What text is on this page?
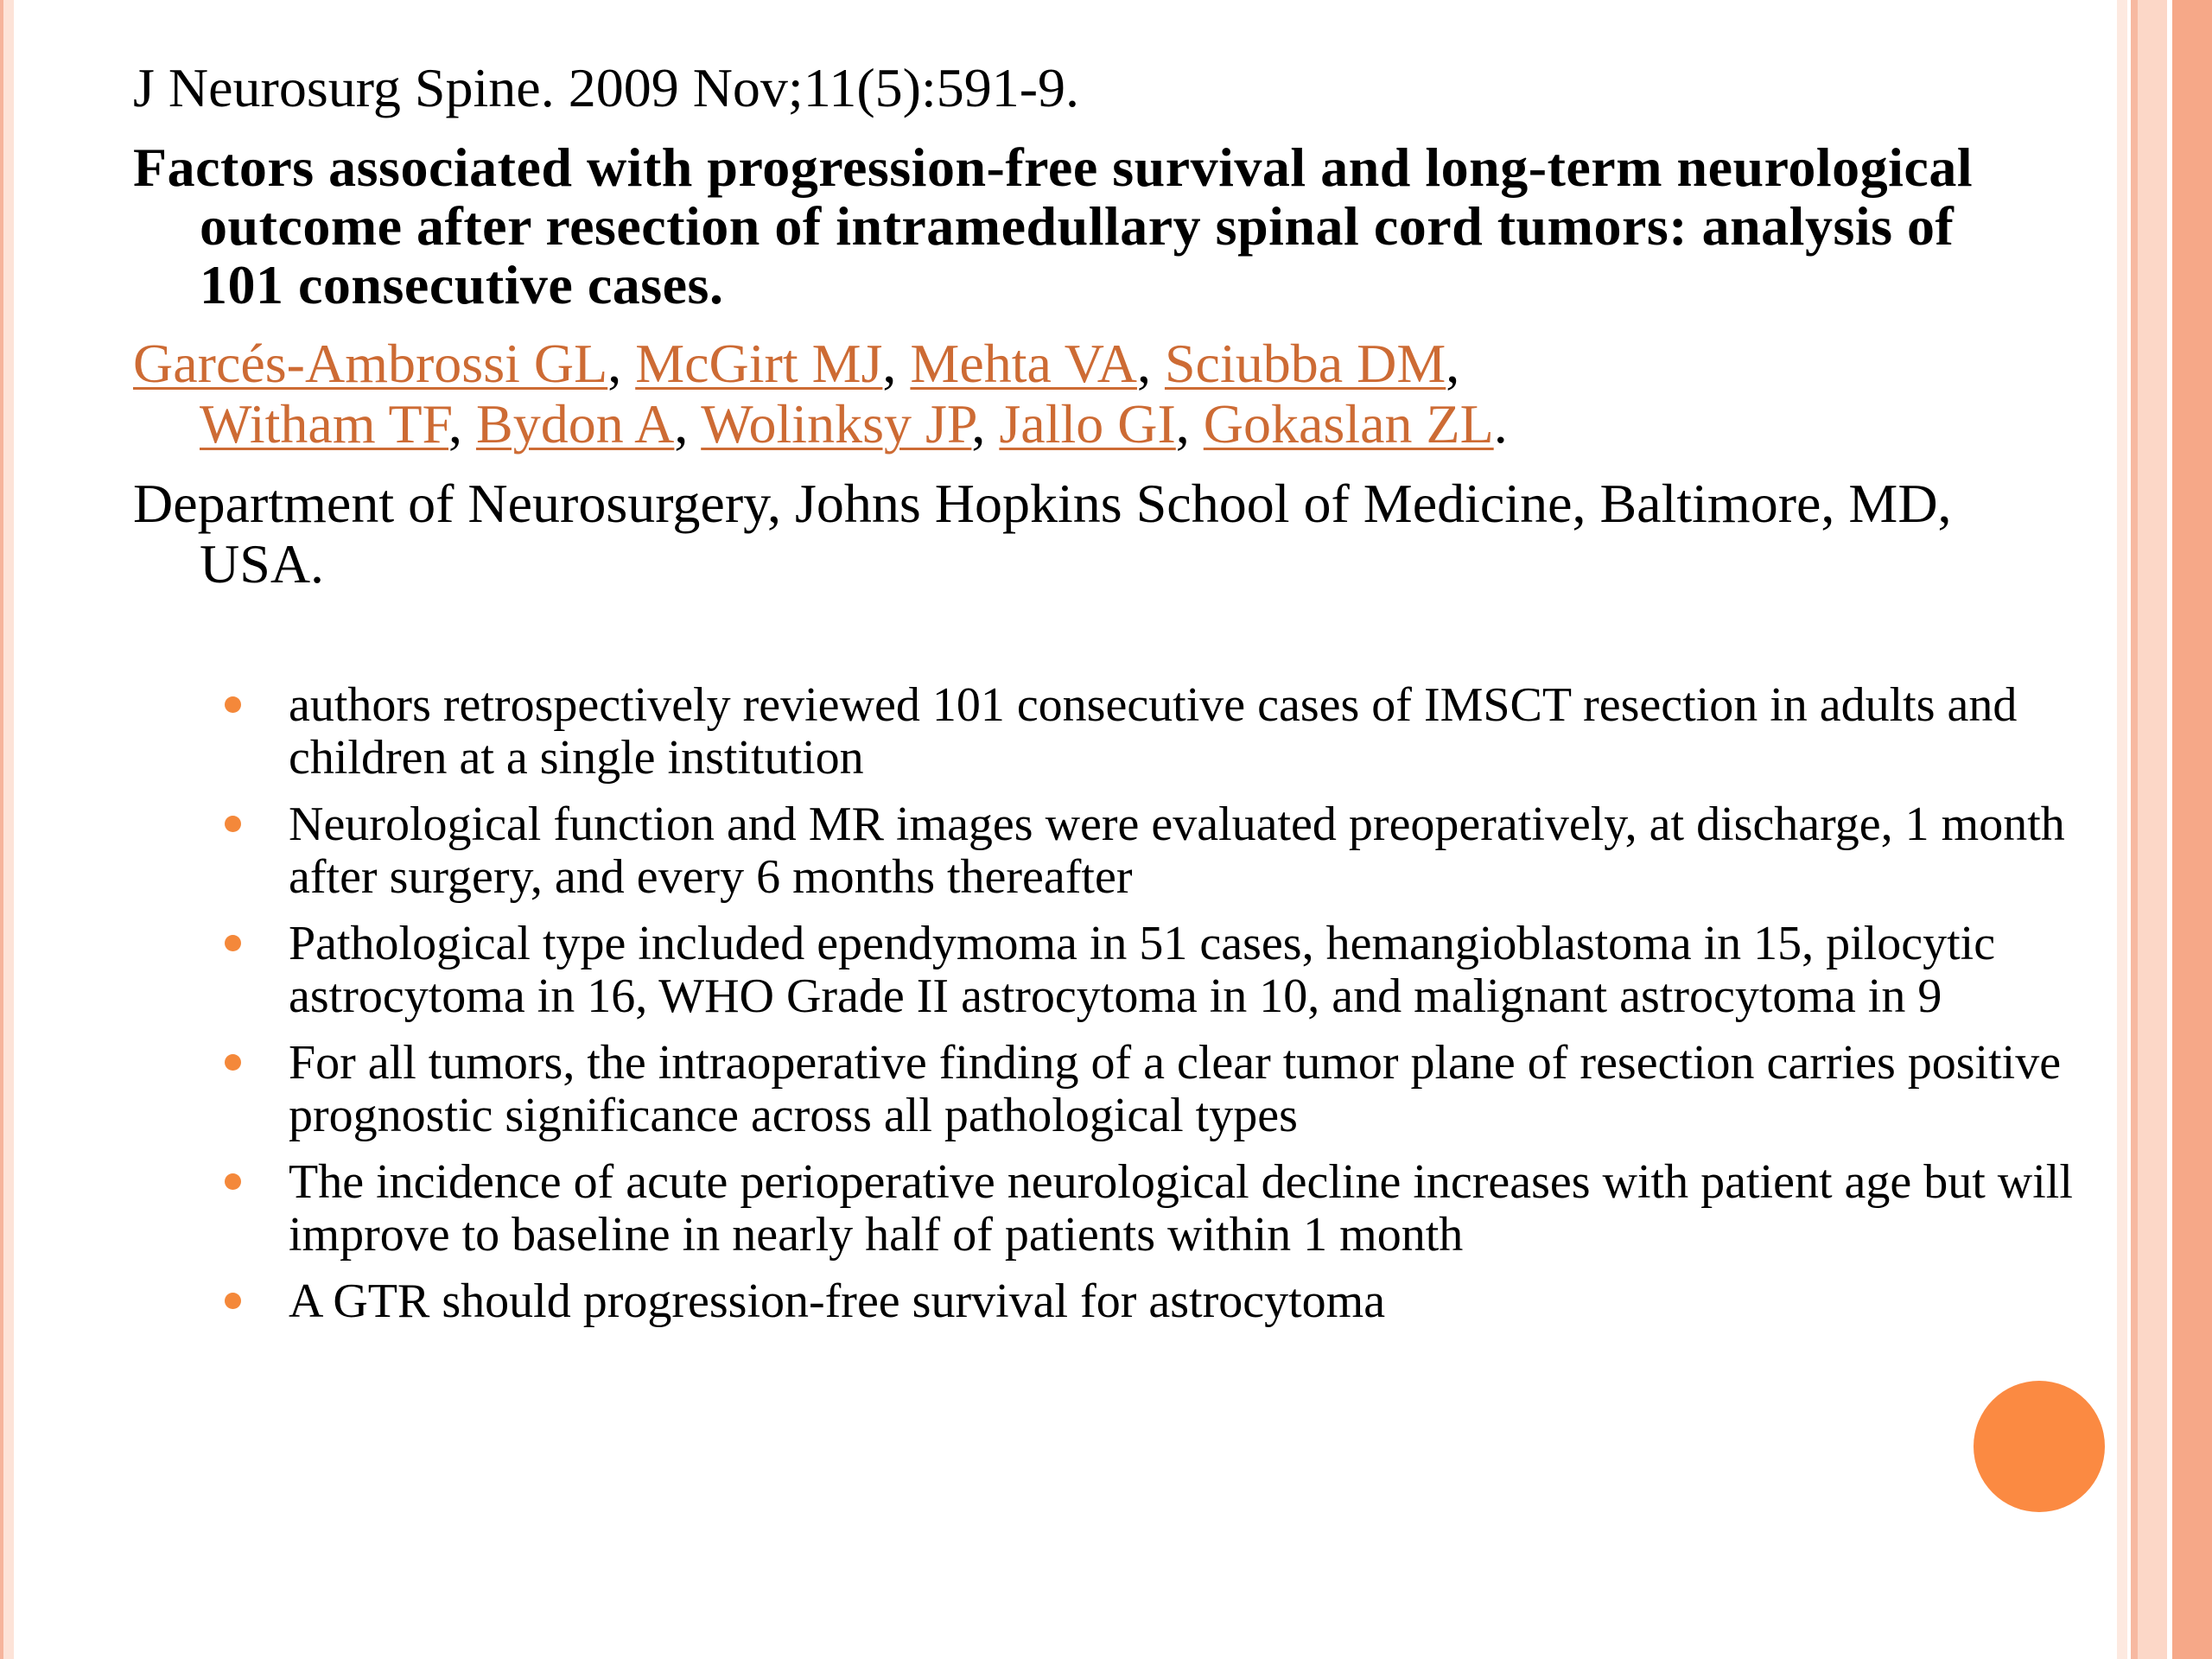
J Neurosurg Spine. 2009 Nov;11(5):591-9.

Factors associated with progression-free survival and long-term neurological outcome after resection of intramedullary spinal cord tumors: analysis of 101 consecutive cases.

Garcés-Ambrossi GL, McGirt MJ, Mehta VA, Sciubba DM,
Witham TF, Bydon A, Wolinksy JP, Jallo GI, Gokaslan ZL.

Department of Neurosurgery, Johns Hopkins School of Medicine, Baltimore, MD, USA.

authors retrospectively reviewed 101 consecutive cases of IMSCT resection in adults and children at a single institution
Neurological function and MR images were evaluated preoperatively, at discharge, 1 month after surgery, and every 6 months thereafter
Pathological type included ependymoma in 51 cases, hemangioblastoma in 15, pilocytic astrocytoma in 16, WHO Grade II astrocytoma in 10, and malignant astrocytoma in 9
For all tumors, the intraoperative finding of a clear tumor plane of resection carries positive prognostic significance across all pathological types
The incidence of acute perioperative neurological decline increases with patient age but will improve to baseline in nearly half of patients within 1 month
A GTR should progression-free survival for astrocytoma
